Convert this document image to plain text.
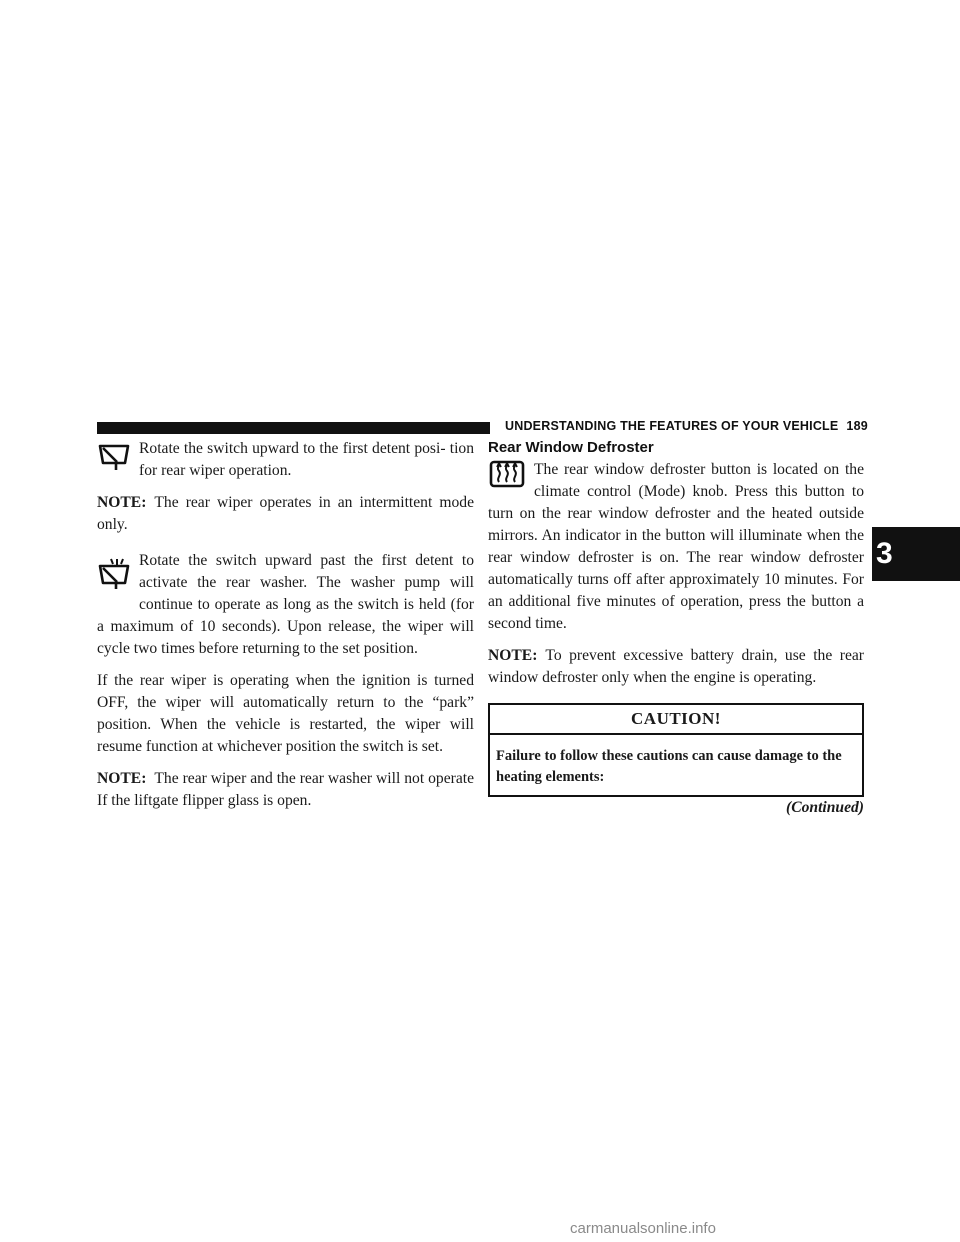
UNDERSTANDING THE FEATURES OF YOUR VEHICLE 189
3

Rotate the switch upward to the first detent posi- tion for rear wiper operation.

NOTE: The rear wiper operates in an intermittent mode only.

Rotate the switch upward past the first detent to activate the rear washer. The washer pump will continue to operate as long as the switch is held (for a maximum of 10 seconds). Upon release, the wiper will cycle two times before returning to the set position.

If the rear wiper is operating when the ignition is turned OFF, the wiper will automatically return to the “park” position. When the vehicle is restarted, the wiper will resume function at whichever position the switch is set.

NOTE: The rear wiper and the rear washer will not operate If the liftgate flipper glass is open.

Rear Window Defroster

The rear window defroster button is located on the climate control (Mode) knob. Press this button to turn on the rear window defroster and the heated outside mirrors. An indicator in the button will illuminate when the rear window defroster is on. The rear window defroster automatically turns off after approximately 10 minutes. For an additional five minutes of operation, press the button a second time.

NOTE: To prevent excessive battery drain, use the rear window defroster only when the engine is operating.

CAUTION!
Failure to follow these cautions can cause damage to the heating elements:
(Continued)
carmanualsonline.info
